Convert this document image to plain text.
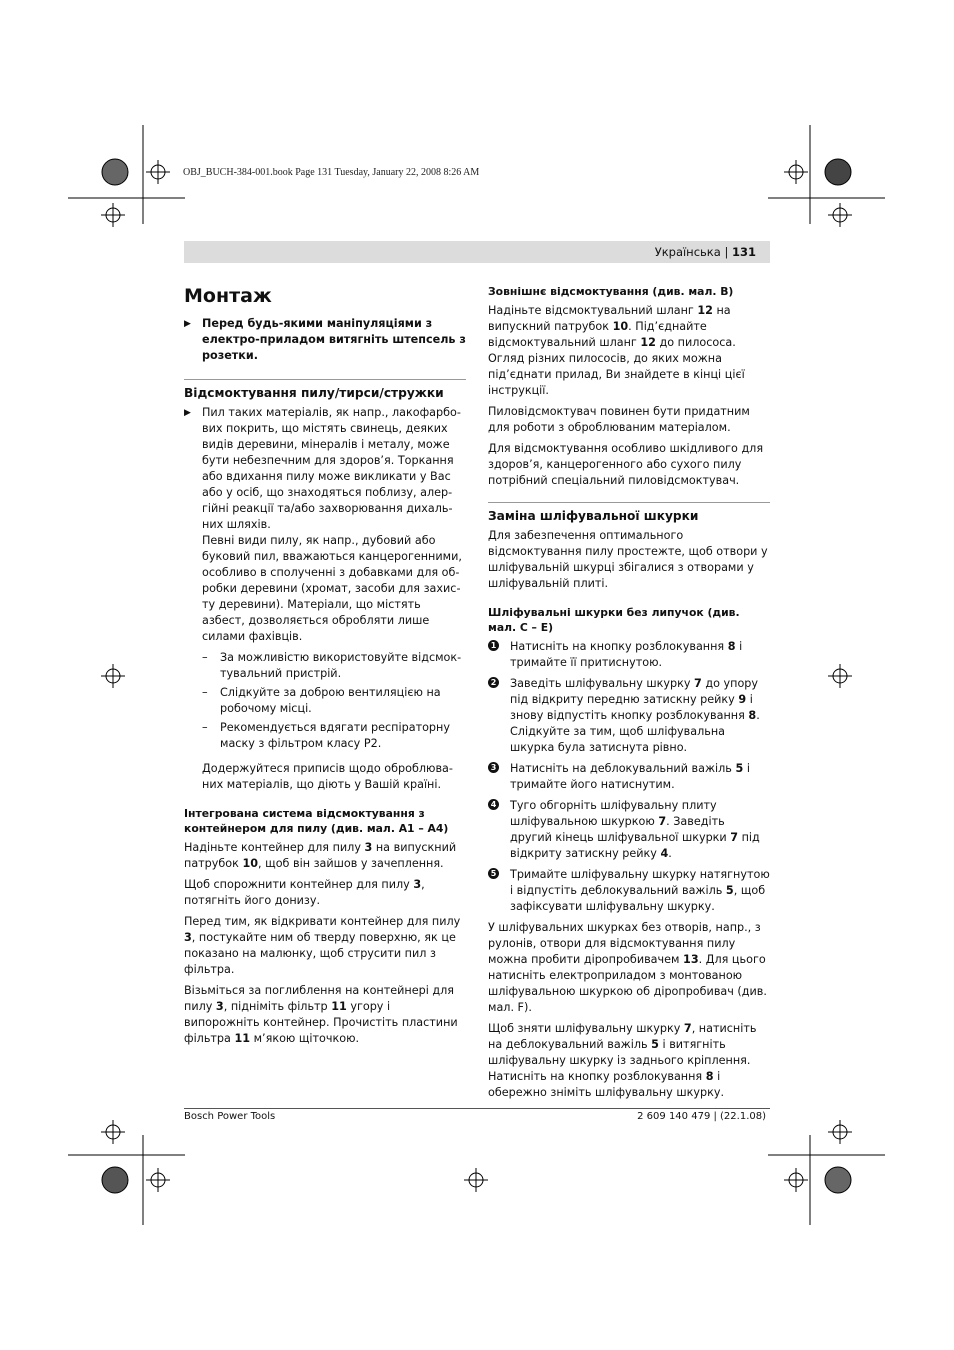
OBJ_BUCH-384-001.book Page 131 Tuesday, January 22, 2008 8:26 AM
Українська | 131
Монтаж

▶ Перед будь-якими маніпуляціями з електро-приладом витягніть штепсель з розетки.

Відсмоктування пилу/тирси/стружки

▶ Пил таких матеріалів, як напр., лакофарбо-вих покрить, що містять свинець, деяких видів деревини, мінералів і металу, може бути небезпечним для здоров’я. Торкання або вдихання пилу може викликати у Вас або у осіб, що знаходяться поблизу, алер-гійні реакції та/або захворювання дихаль-них шляхів.

Певні види пилу, як напр., дубовий або буковий пил, вважаються канцерогенними, особливо в сполученні з добавками для об-робки деревини (хромат, засоби для захис-ту деревини). Матеріали, що містять азбест, дозволяється обробляти лише силами фахівців.

– За можливістю використовуйте відсмок-тувальний пристрій.
– Слідкуйте за доброю вентиляцією на робочому місці.
– Рекомендується вдягати респіраторну маску з фільтром класу P2.

Додержуйтеся приписів щодо оброблюва-них матеріалів, що діють у Вашій країні.

Інтегрована система відсмоктування з контейнером для пилу (див. мал. A1 – A4)

Надіньте контейнер для пилу 3 на випускний патрубок 10, щоб він зайшов у зачеплення.

Щоб спорожнити контейнер для пилу 3, потягніть його донизу.

Перед тим, як відкривати контейнер для пилу 3, постукайте ним об тверду поверхню, як це показано на малюнку, щоб струсити пил з фільтра.

Візьміться за поглиблення на контейнері для пилу 3, підніміть фільтр 11 угору і випорожніть контейнер. Прочистіть пластини фільтра 11 м’якою щіточкою.

Зовнішнє відсмоктування (див. мал. B)

Надіньте відсмоктувальний шланг 12 на випускний патрубок 10. Під’єднайте відсмоктувальний шланг 12 до пилососа. Огляд різних пилососів, до яких можна під’єднати прилад, Ви знайдете в кінці цієї інструкції.

Пиловідсмоктувач повинен бути придатним для роботи з оброблюваним матеріалом.

Для відсмоктування особливо шкідливого для здоров’я, канцерогенного або сухого пилу потрібний спеціальний пиловідсмоктувач.

Заміна шліфувальної шкурки

Для забезпечення оптимального відсмоктування пилу простежте, щоб отвори у шліфувальній шкурці збігалися з отворами у шліфувальній плиті.

Шліфувальні шкурки без липучок (див. мал. C – E)
1 Натисніть на кнопку розблокування 8 і тримайте її притиснутою.
2 Заведіть шліфувальну шкурку 7 до упору під відкриту передню затискну рейку 9 і знову відпустіть кнопку розблокування 8. Слідкуйте за тим, щоб шліфувальна шкурка була затиснута рівно.
3 Натисніть на деблокувальний важіль 5 і тримайте його натиснутим.
4 Туго обгорніть шліфувальну плиту шліфувальною шкуркою 7. Заведіть другий кінець шліфувальної шкурки 7 під відкриту затискну рейку 4.
5 Тримайте шліфувальну шкурку натягнутою і відпустіть деблокувальний важіль 5, щоб зафіксувати шліфувальну шкурку.

У шліфувальних шкурках без отворів, напр., з рулонів, отвори для відсмоктування пилу можна пробити діропробивачем 13. Для цього натисніть електроприладом з монтованою шліфувальною шкуркою об діропробивач (див. мал. F).

Щоб зняти шліфувальну шкурку 7, натисніть на деблокувальний важіль 5 і витягніть шліфувальну шкурку із заднього кріплення. Натисніть на кнопку розблокування 8 і обережно зніміть шліфувальну шкурку.

Bosch Power Tools	2 609 140 479 | (22.1.08)
